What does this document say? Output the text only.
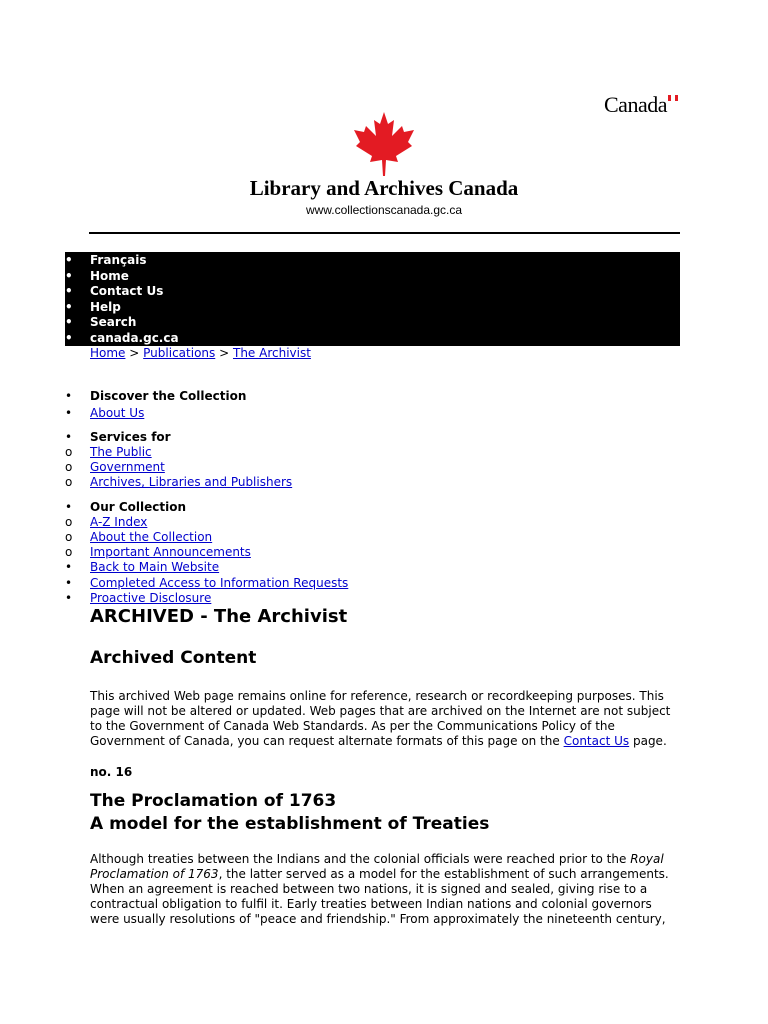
Canada
Library and Archives Canada
www.collectionscanada.gc.ca
• Français
• Home
• Contact Us
• Help
• Search
• canada.gc.ca
Home > Publications > The Archivist
•	Discover the Collection
•	About Us
•	Services for
o	The Public
o	Government
o	Archives, Libraries and Publishers
•	Our Collection
o	A-Z Index
o	About the Collection
o	Important Announcements
•	Back to Main Website
•	Completed Access to Information Requests
•	Proactive Disclosure
ARCHIVED - The Archivist
Archived Content
This archived Web page remains online for reference, research or recordkeeping purposes. This
page will not be altered or updated. Web pages that are archived on the Internet are not subject
to the Government of Canada Web Standards. As per the Communications Policy of the
Government of Canada, you can request alternate formats of this page on the Contact Us page.
no. 16
The Proclamation of 1763
A model for the establishment of Treaties
Although treaties between the Indians and the colonial officials were reached prior to the Royal
Proclamation of 1763, the latter served as a model for the establishment of such arrangements.
When an agreement is reached between two nations, it is signed and sealed, giving rise to a
contractual obligation to fulfil it. Early treaties between Indian nations and colonial governors
were usually resolutions of "peace and friendship." From approximately the nineteenth century,
